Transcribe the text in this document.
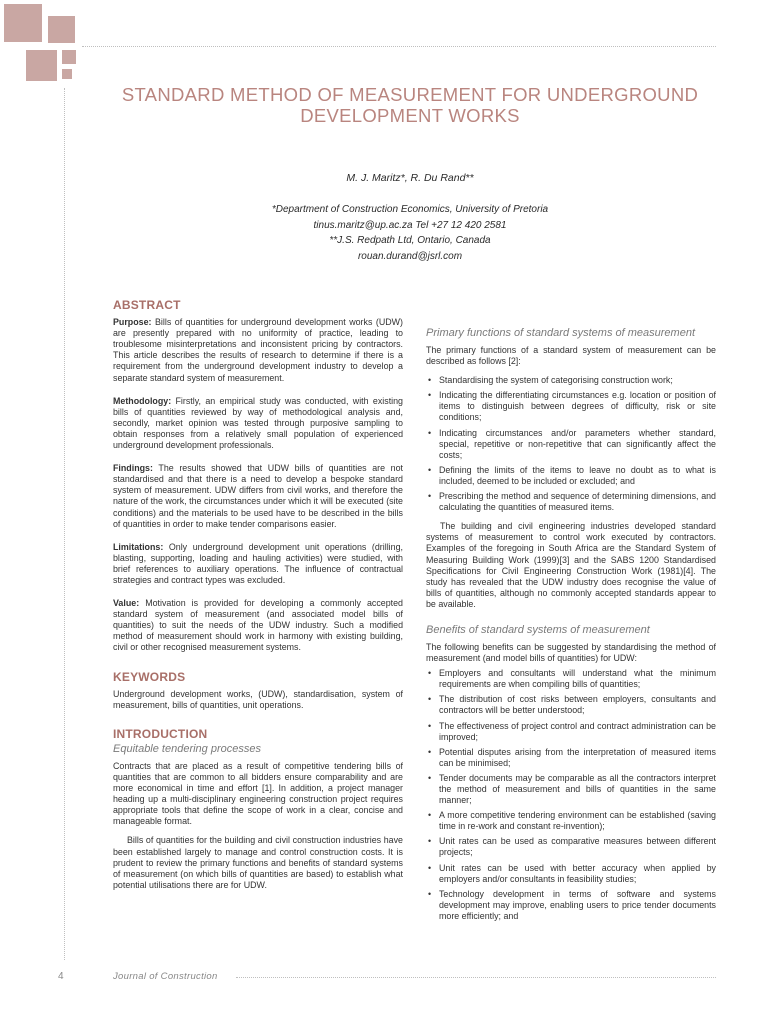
STANDARD METHOD OF MEASUREMENT FOR UNDERGROUND DEVELOPMENT WORKS
M. J. Maritz*, R. Du Rand**
*Department of Construction Economics, University of Pretoria
tinus.maritz@up.ac.za Tel +27 12 420 2581
**J.S. Redpath Ltd, Ontario, Canada
rouan.durand@jsrl.com
ABSTRACT

Purpose: Bills of quantities for underground development works (UDW) are presently prepared with no uniformity of practice, leading to troublesome misinterpretations and inconsistent pricing by contractors. This article describes the results of research to determine if there is a requirement from the underground development industry to develop a separate standard system of measurement.

Methodology: Firstly, an empirical study was conducted, with existing bills of quantities reviewed by way of methodological analysis and, secondly, market opinion was tested through purposive sampling to obtain responses from a relatively small population of experienced underground development professionals.

Findings: The results showed that UDW bills of quantities are not standardised and that there is a need to develop a bespoke standard system of measurement. UDW differs from civil works, and therefore the nature of the work, the circumstances under which it will be executed (site conditions) and the materials to be used have to be described in the bills of quantities in order to make tender comparisons easier.

Limitations: Only underground development unit operations (drilling, blasting, supporting, loading and hauling activities) were studied, with brief references to auxiliary operations. The influence of contractual strategies and contract types was excluded.

Value: Motivation is provided for developing a commonly accepted standard system of measurement (and associated model bills of quantities) to suit the needs of the UDW industry. Such a modified method of measurement should work in harmony with existing building, civil or other recognised measurement systems.

KEYWORDS

Underground development works, (UDW), standardisation, system of measurement, bills of quantities, unit operations.

INTRODUCTION
Equitable tendering processes

Contracts that are placed as a result of competitive tendering bills of quantities that are common to all bidders ensure comparability and are more economical in time and effort [1]. In addition, a project manager heading up a multi-disciplinary engineering construction project requires appropriate tools that define the scope of work in a clear, concise and manageable format.

Bills of quantities for the building and civil construction industries have been established largely to manage and control construction costs. It is prudent to review the primary functions and benefits of standard systems of measurement (on which bills of quantities are based) to establish what potential utilisations there are for UDW.

Primary functions of standard systems of measurement

The primary functions of a standard system of measurement can be described as follows [2]:

• Standardising the system of categorising construction work;
• Indicating the differentiating circumstances e.g. location or position of items to distinguish between degrees of difficulty, risk or site conditions;
• Indicating circumstances and/or parameters whether standard, special, repetitive or non-repetitive that can significantly affect the costs;
• Defining the limits of the items to leave no doubt as to what is included, deemed to be included or excluded; and
• Prescribing the method and sequence of determining dimensions, and calculating the quantities of measured items.

The building and civil engineering industries developed standard systems of measurement to control work executed by contractors. Examples of the foregoing in South Africa are the Standard System of Measuring Building Work (1999)[3] and the SABS 1200 Standardised Specifications for Civil Engineering Construction Work (1981)[4]. The study has revealed that the UDW industry does recognise the value of bills of quantities, although no commonly accepted standards appear to be available.

Benefits of standard systems of measurement

The following benefits can be suggested by standardising the method of measurement (and model bills of quantities) for UDW:

• Employers and consultants will understand what the minimum requirements are when compiling bills of quantities;
• The distribution of cost risks between employers, consultants and contractors will be better understood;
• The effectiveness of project control and contract administration can be improved;
• Potential disputes arising from the interpretation of measured items can be minimised;
• Tender documents may be comparable as all the contractors interpret the method of measurement and bills of quantities in the same manner;
• A more competitive tendering environment can be established (saving time in re-work and constant re-invention);
• Unit rates can be used as comparative measures between different projects;
• Unit rates can be used with better accuracy when applied by employers and/or consultants in feasibility studies;
• Technology development in terms of software and systems development may improve, enabling users to price tender documents more efficiently; and
4	Journal of Construction
